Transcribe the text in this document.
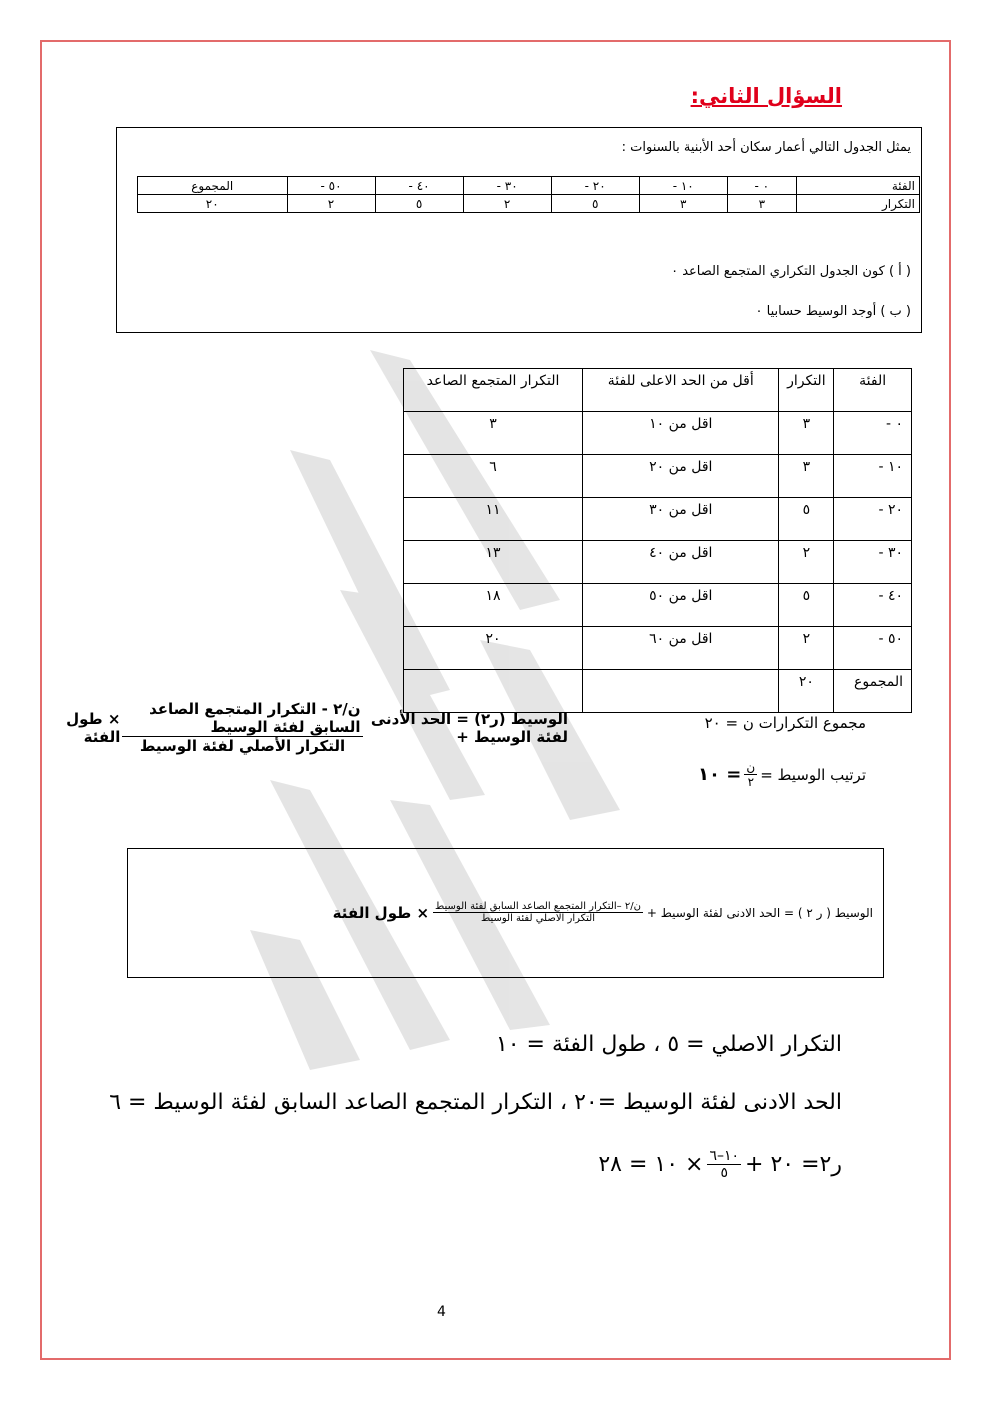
السؤال الثاني:
يمثل الجدول التالي أعمار سكان أحد الأبنية بالسنوات :
( أ ) كون الجدول التكراري المتجمع الصاعد ٠
( ب ) أوجد الوسيط حسابيا ٠
الفئة	٠ -	١٠ -	٢٠ -	٣٠ -	٤٠ -	٥٠ -	المجموع
التكرار	٣	٣	٥	٢	٥	٢	٢٠
الفئة	التكرار	أقل من الحد الاعلى للفئة	التكرار المتجمع الصاعد
٠ -	٣	اقل من ١٠	٣
١٠ -	٣	اقل من ٢٠	٦
٢٠ -	٥	اقل من ٣٠	١١
٣٠ -	٢	اقل من ٤٠	١٣
٤٠ -	٥	اقل من ٥٠	١٨
٥٠ -	٢	اقل من ٦٠	٢٠
المجموع	٢٠		
الوسيط (ر٢) = الحد الأدنى لفئة الوسيط +
$\frac{\text{ن/٢ - التكرار المتجمع الصاعد السابق لفئة الوسيط}}{\text{التكرار الأصلي لفئة الوسيط}}$
× طول الفئة
مجموع التكرارات ن = ٢٠
ترتيب الوسيط =
$\frac{\text{ن}}{٢}$
= ١٠
الوسيط ( ر ٢ ) = الحد الادنى لفئة الوسيط +
$\frac{\text{ن/٢ –التكرار المتجمع الصاعد السابق لفئة الوسيط}}{\text{التكرار الاصلي لفئة الوسيط}}$
× طول الفئة
التكرار الاصلي = ٥ ، طول الفئة = ١٠
الحد الادنى لفئة الوسيط =٢٠ ، التكرار المتجمع الصاعد السابق لفئة الوسيط = ٦
ر٢= ٢٠ +
$\frac{١٠-٦}{٥}$
× ١٠ = ٢٨
4
